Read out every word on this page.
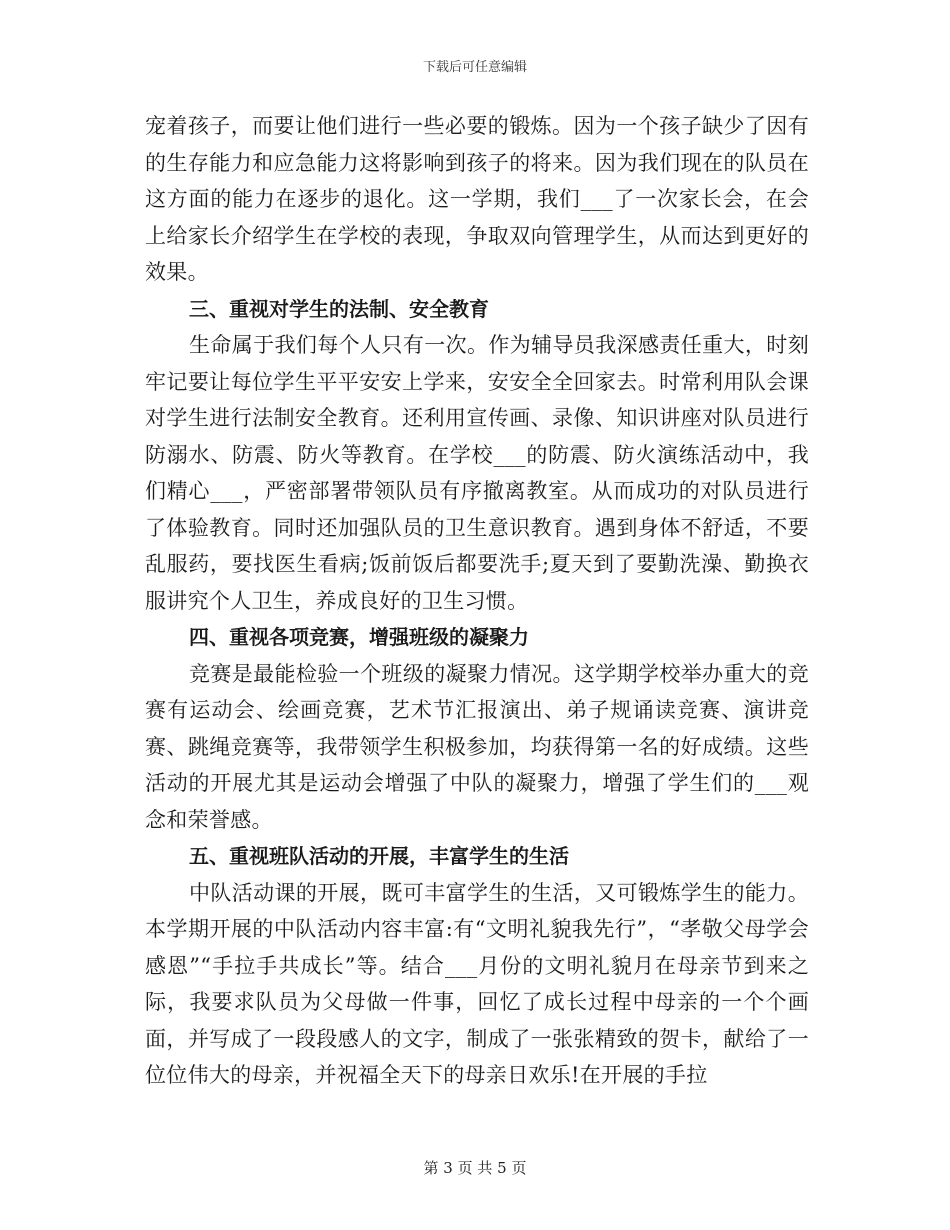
下载后可任意编辑

宠着孩子，而要让他们进行一些必要的锻炼。因为一个孩子缺少了因有的生存能力和应急能力这将影响到孩子的将来。因为我们现在的队员在这方面的能力在逐步的退化。这一学期，我们___了一次家长会，在会上给家长介绍学生在学校的表现，争取双向管理学生，从而达到更好的效果。

三、重视对学生的法制、安全教育

生命属于我们每个人只有一次。作为辅导员我深感责任重大，时刻牢记要让每位学生平平安安上学来，安安全全回家去。时常利用队会课对学生进行法制安全教育。还利用宣传画、录像、知识讲座对队员进行防溺水、防震、防火等教育。在学校___的防震、防火演练活动中，我们精心___，严密部署带领队员有序撤离教室。从而成功的对队员进行了体验教育。同时还加强队员的卫生意识教育。遇到身体不舒适，不要乱服药，要找医生看病;饭前饭后都要洗手;夏天到了要勤洗澡、勤换衣服讲究个人卫生，养成良好的卫生习惯。

四、重视各项竞赛，增强班级的凝聚力

竞赛是最能检验一个班级的凝聚力情况。这学期学校举办重大的竞赛有运动会、绘画竞赛，艺术节汇报演出、弟子规诵读竞赛、演讲竞赛、跳绳竞赛等，我带领学生积极参加，均获得第一名的好成绩。这些活动的开展尤其是运动会增强了中队的凝聚力，增强了学生们的___观念和荣誉感。

五、重视班队活动的开展，丰富学生的生活

中队活动课的开展，既可丰富学生的生活，又可锻炼学生的能力。本学期开展的中队活动内容丰富:有“文明礼貌我先行”，“孝敬父母学会感恩”“手拉手共成长”等。结合___月份的文明礼貌月在母亲节到来之际，我要求队员为父母做一件事，回忆了成长过程中母亲的一个个画面，并写成了一段段感人的文字，制成了一张张精致的贺卡，献给了一位位伟大的母亲，并祝福全天下的母亲日欢乐!在开展的手拉

第 3 页 共 5 页
